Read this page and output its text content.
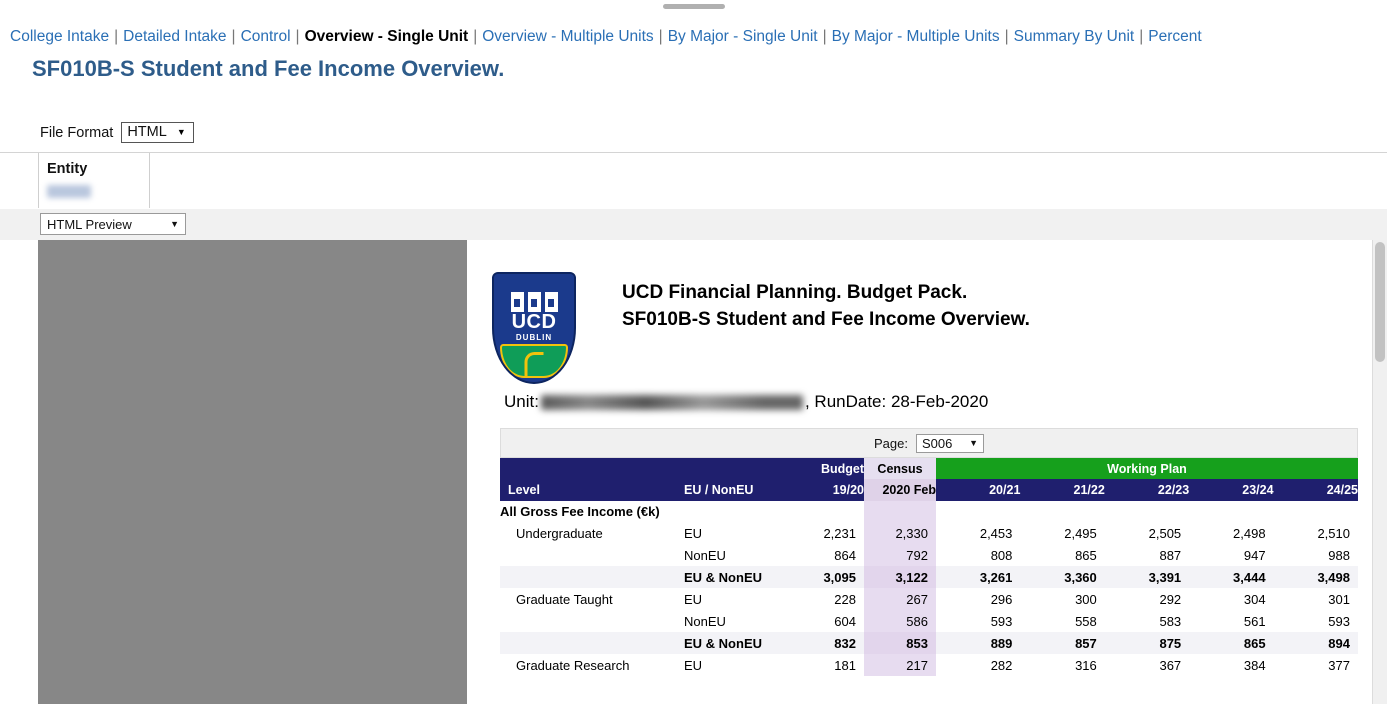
College Intake | Detailed Intake | Control | Overview - Single Unit | Overview - Multiple Units | By Major - Single Unit | By Major - Multiple Units | Summary By Unit | Percent
SF010B-S Student and Fee Income Overview.
File Format HTML ▼
Entity
HTML Preview	▼
UCD
DUBLIN
UCD Financial Planning. Budget Pack.
SF010B-S Student and Fee Income Overview.
Unit:	, RunDate: 28-Feb-2020
Page: S006 ▼
		Budget	Census	Working Plan				
Level	EU / NonEU	19/20	2020 Feb	20/21	21/22	22/23	23/24	24/25
All Gross Fee Income (€k)								
Undergraduate	EU	2,231	2,330	2,453	2,495	2,505	2,498	2,510
	NonEU	864	792	808	865	887	947	988
	EU & NonEU	3,095	3,122	3,261	3,360	3,391	3,444	3,498
Graduate Taught	EU	228	267	296	300	292	304	301
	NonEU	604	586	593	558	583	561	593
	EU & NonEU	832	853	889	857	875	865	894
Graduate Research	EU	181	217	282	316	367	384	377
